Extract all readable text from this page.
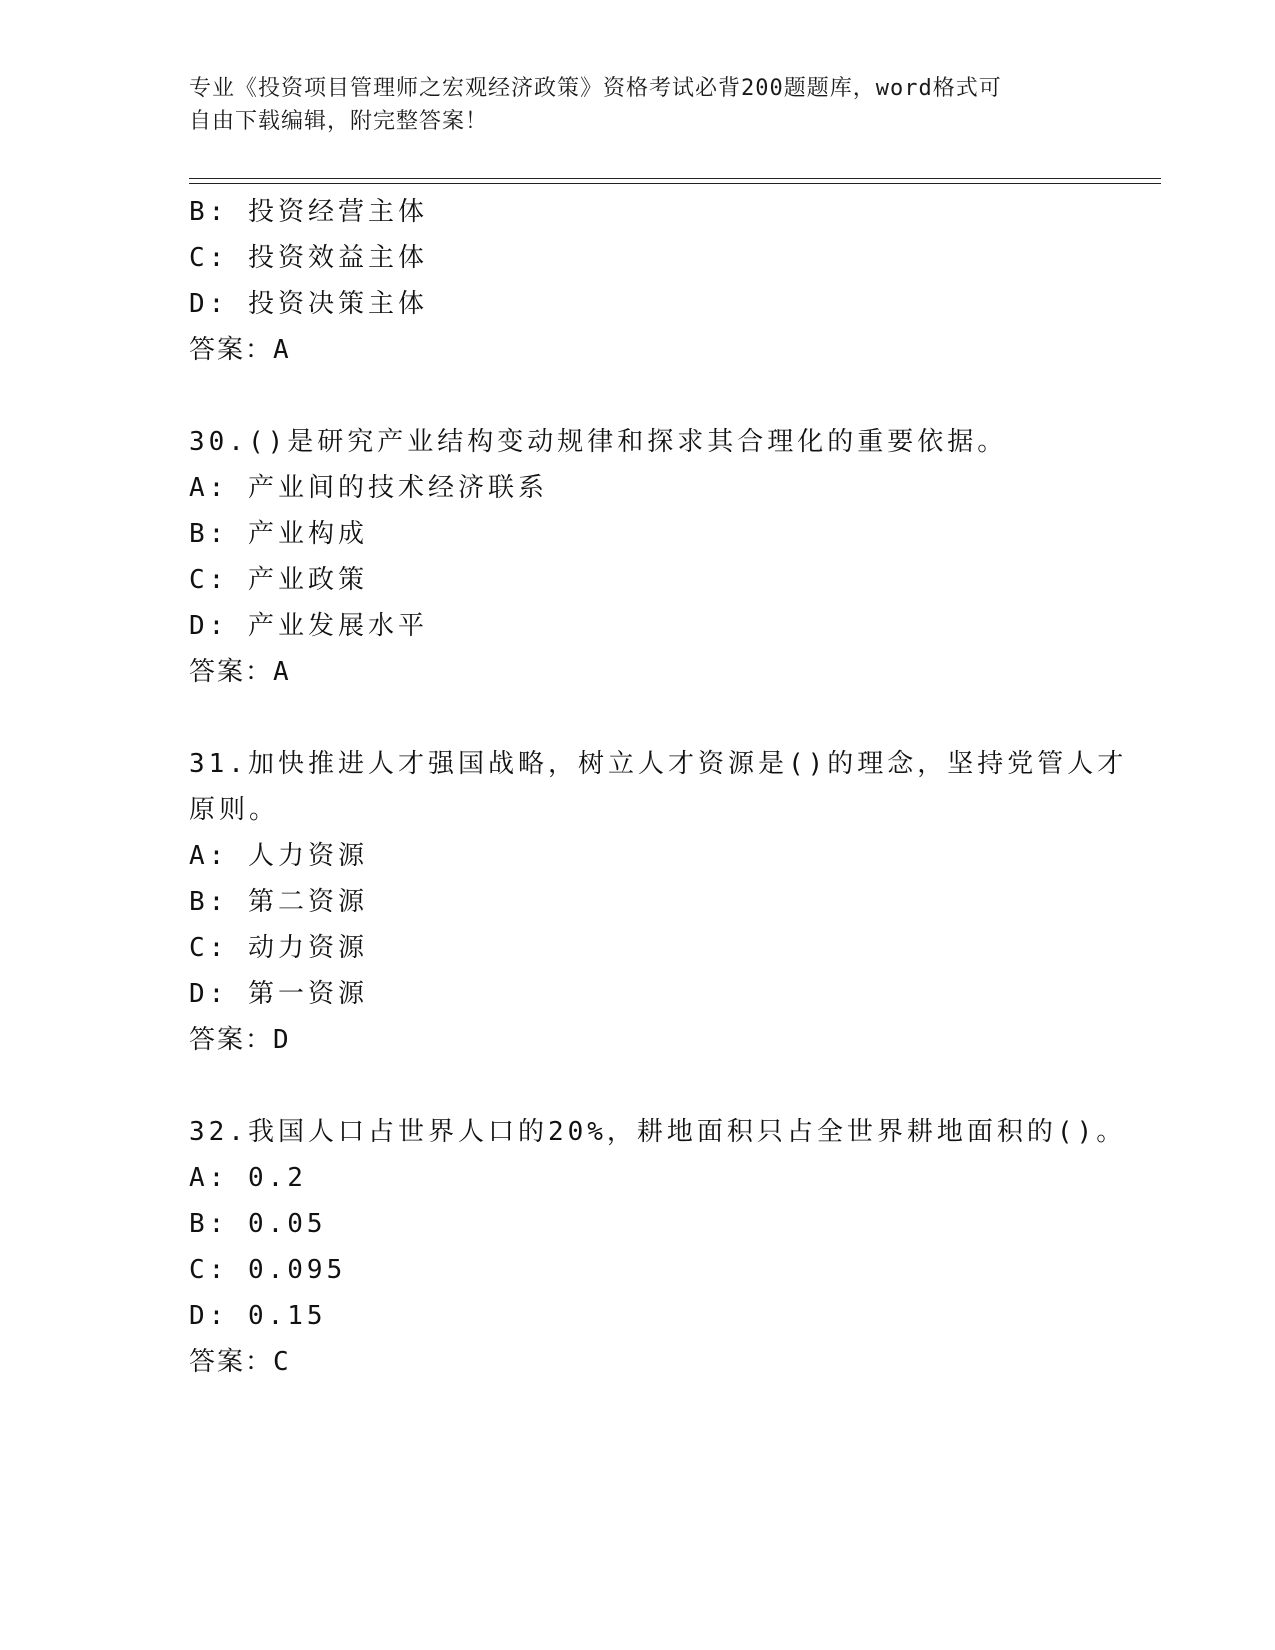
专业《投资项目管理师之宏观经济政策》资格考试必背200题题库，word格式可
自由下载编辑，附完整答案！
B: 投资经营主体
C: 投资效益主体
D: 投资决策主体
答案：A
30.()是研究产业结构变动规律和探求其合理化的重要依据。
A: 产业间的技术经济联系
B: 产业构成
C: 产业政策
D: 产业发展水平
答案：A
31.加快推进人才强国战略，树立人才资源是()的理念，坚持党管人才
原则。
A: 人力资源
B: 第二资源
C: 动力资源
D: 第一资源
答案：D
32.我国人口占世界人口的20%，耕地面积只占全世界耕地面积的()。
A: 0.2
B: 0.05
C: 0.095
D: 0.15
答案：C
